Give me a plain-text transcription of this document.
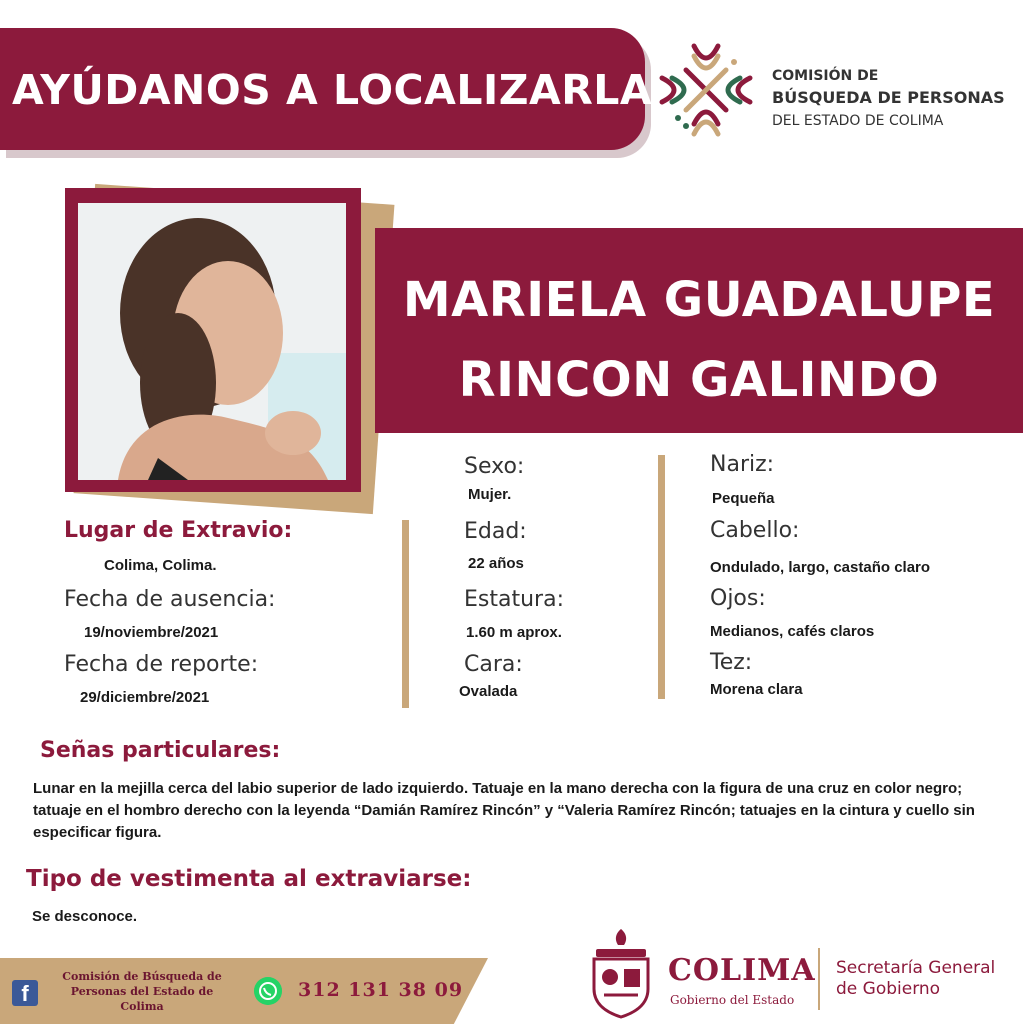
AYÚDANOS A LOCALIZARLA	COMISIÓN DE
BÚSQUEDA DE PERSONAS
DEL ESTADO DE COLIMA
MARIELA GUADALUPE
RINCON GALINDO
Lugar de Extravio:
Colima, Colima.
Fecha de ausencia:
19/noviembre/2021
Fecha de reporte:
29/diciembre/2021
Sexo:
Mujer.
Edad:
22 años
Estatura:
1.60 m aprox.
Cara:
Ovalada
Nariz:
Pequeña
Cabello:
Ondulado, largo, castaño claro
Ojos:
Medianos, cafés claros
Tez:
Morena clara
Señas particulares:
Lunar en la mejilla cerca del labio superior de lado izquierdo. Tatuaje en la mano derecha con la figura de una cruz en color negro; tatuaje en el hombro derecho con la leyenda “Damián Ramírez Rincón” y “Valeria Ramírez Rincón; tatuajes en la cintura y cuello sin especificar figura.
Tipo de vestimenta al extraviarse:
Se desconoce.
f
Comisión de Búsqueda de
Personas del Estado de
Colima
312 131 38 09
COLIMA
Gobierno del Estado
Secretaría General
de Gobierno
